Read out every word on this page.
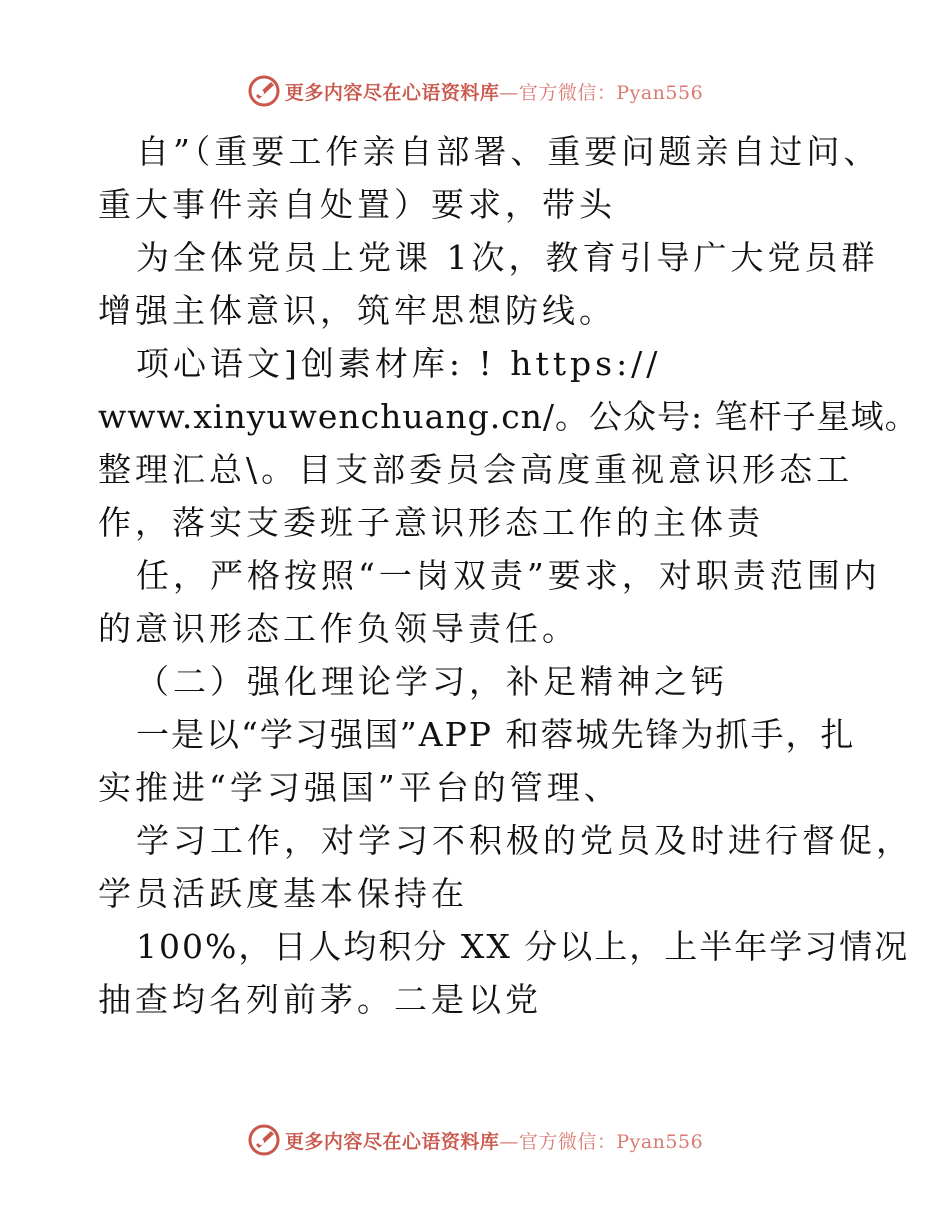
更多内容尽在心语资料库—官方微信：Pyan556
自”（重要工作亲自部署、重要问题亲自过问、
重大事件亲自处置）要求，带头
为全体党员上党课 1次，教育引导广大党员群
增强主体意识，筑牢思想防线。
项心语文]创素材库: ! https://
www.xinyuwenchuang.cn/。公众号: 笔杆子星域。
整理汇总\。目支部委员会高度重视意识形态工
作，落实支委班子意识形态工作的主体责
任，严格按照“一岗双责”要求，对职责范围内
的意识形态工作负领导责任。
（二）强化理论学习，补足精神之钙
一是以“学习强国”APP 和蓉城先锋为抓手，扎
实推进“学习强国”平台的管理、
学习工作，对学习不积极的党员及时进行督促，
学员活跃度基本保持在
100%，日人均积分 XX 分以上，上半年学习情况
抽查均名列前茅。二是以党
更多内容尽在心语资料库—官方微信：Pyan556
